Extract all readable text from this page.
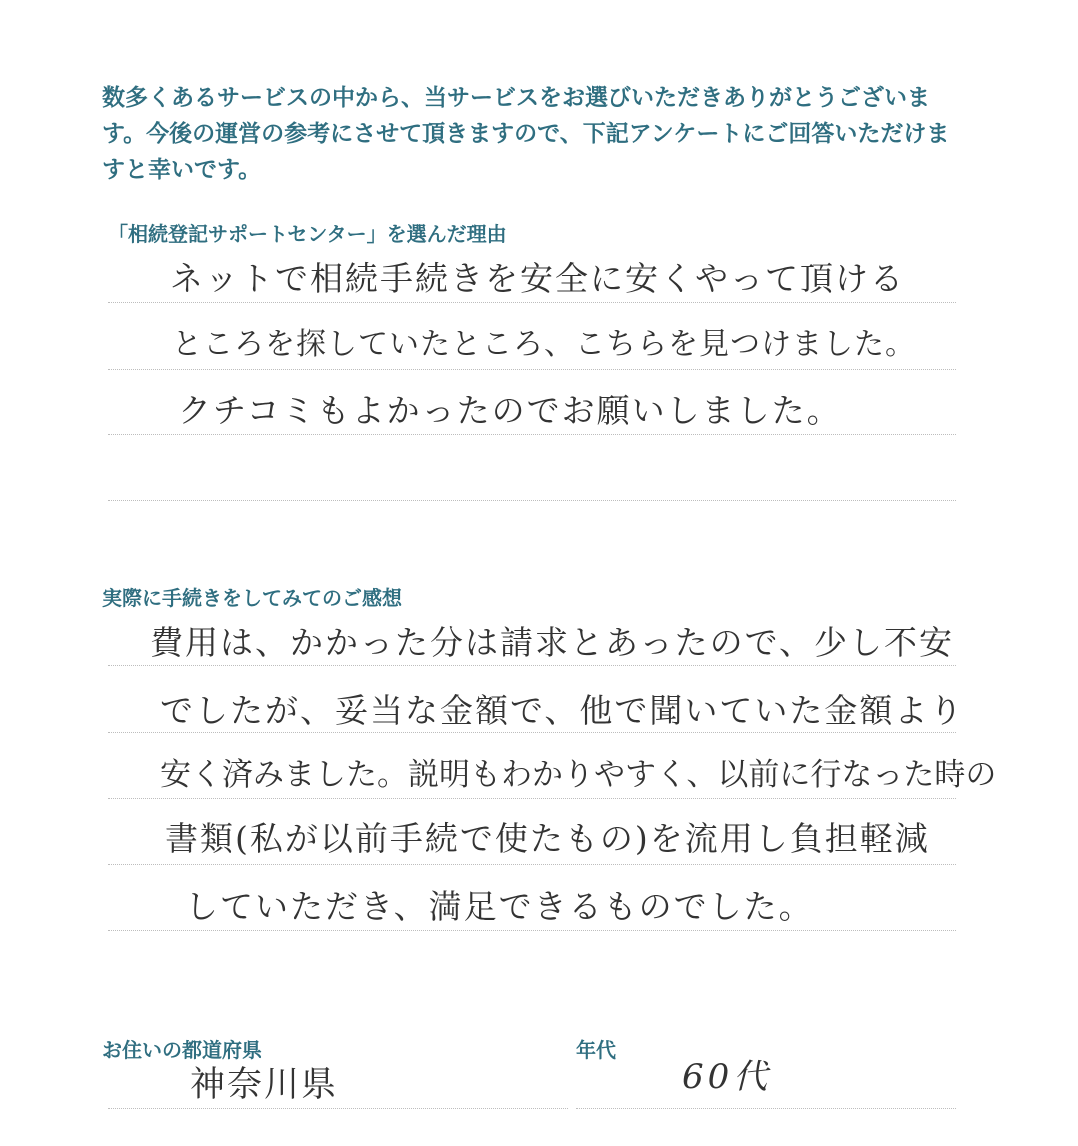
数多くあるサービスの中から、当サービスをお選びいただきありがとうございます。今後の運営の参考にさせて頂きますので、下記アンケートにご回答いただけますと幸いです。

「相続登記サポートセンター」を選んだ理由
ネットで相続手続きを安全に安くやって頂ける
ところを探していたところ、こちらを見つけました。
クチコミもよかったのでお願いしました。
実際に手続きをしてみてのご感想
費用は、かかった分は請求とあったので、少し不安
でしたが、妥当な金額で、他で聞いていた金額より
安く済みました。説明もわかりやすく、以前に行なった時の
書類(私が以前手続で使たもの)を流用し負担軽減
していただき、満足できるものでした。
お住いの都道府県
神奈川県
年代
60代
